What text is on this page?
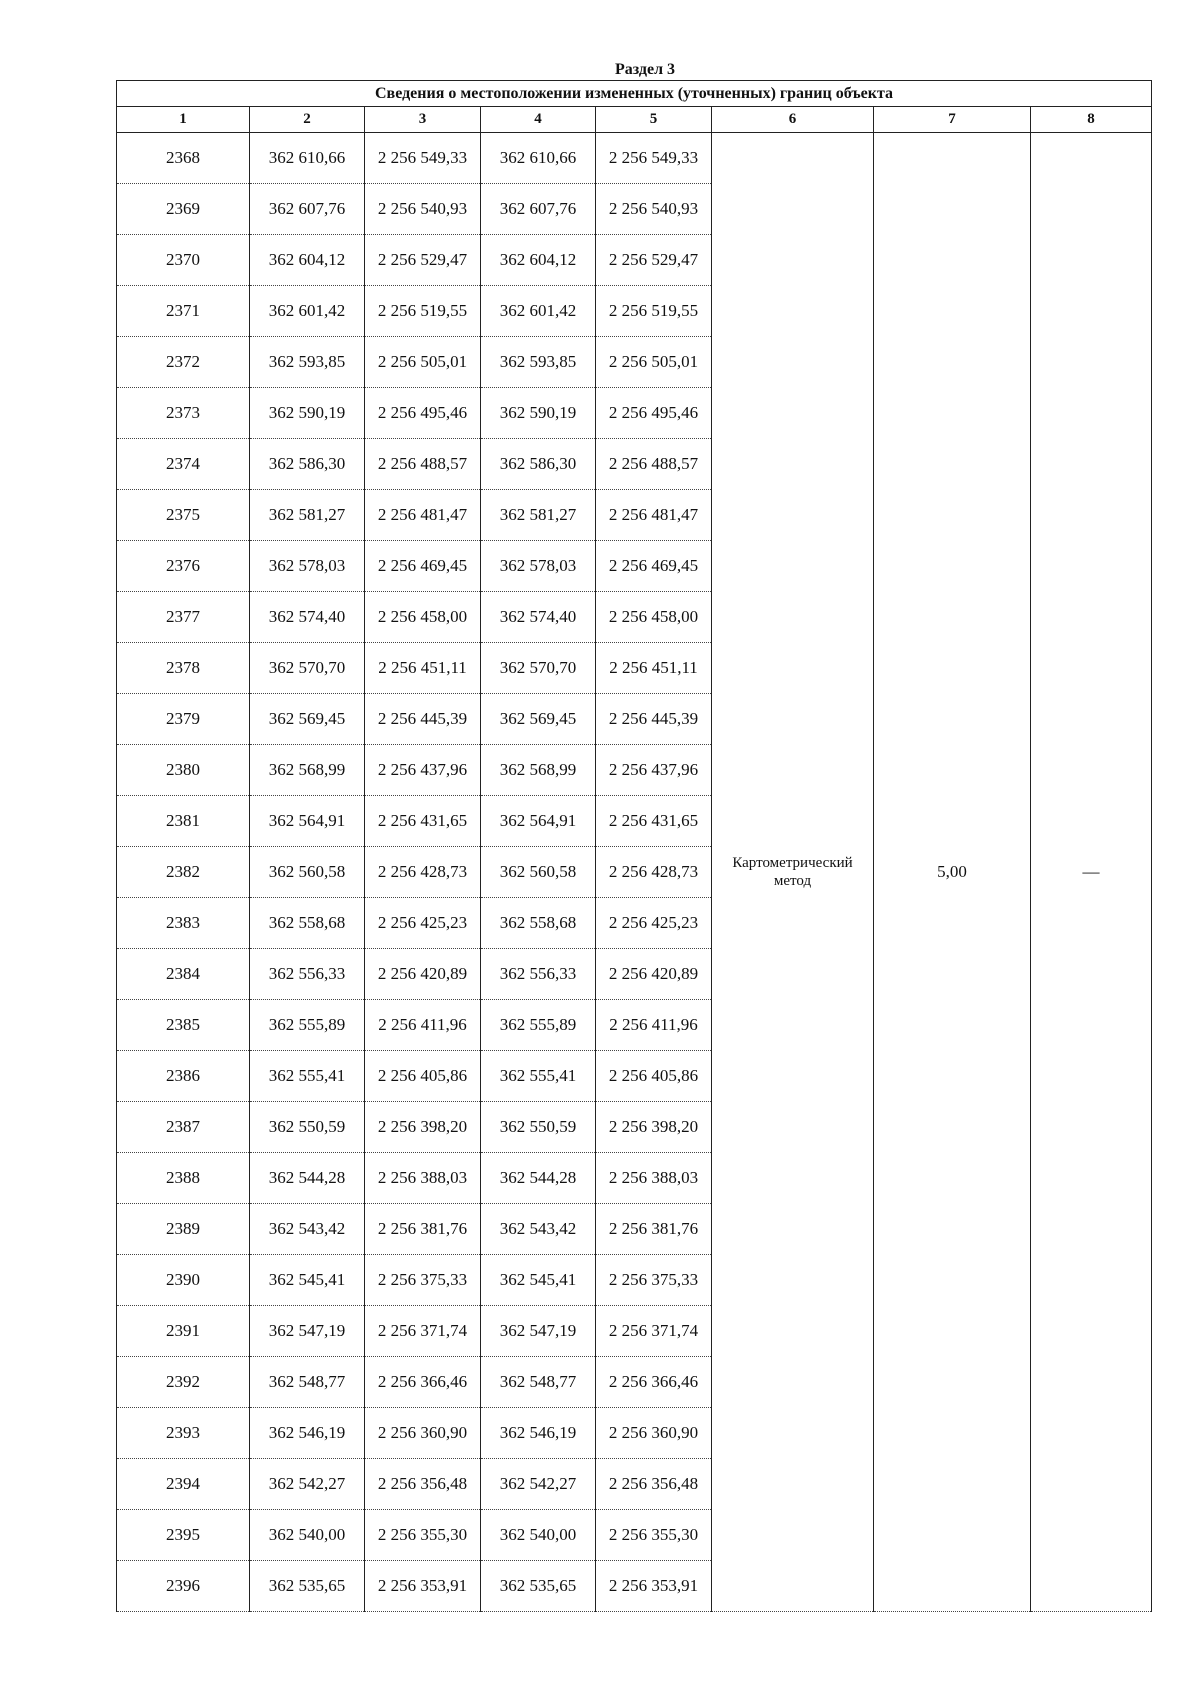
Раздел 3
Сведения о местоположении измененных (уточненных) границ объекта							
1	2	3	4	5	6	7	8
2368	362 610,66	2 256 549,33	362 610,66	2 256 549,33	Картометрический метод	5,00	—
2369	362 607,76	2 256 540,93	362 607,76	2 256 540,93			
2370	362 604,12	2 256 529,47	362 604,12	2 256 529,47			
2371	362 601,42	2 256 519,55	362 601,42	2 256 519,55			
2372	362 593,85	2 256 505,01	362 593,85	2 256 505,01			
2373	362 590,19	2 256 495,46	362 590,19	2 256 495,46			
2374	362 586,30	2 256 488,57	362 586,30	2 256 488,57			
2375	362 581,27	2 256 481,47	362 581,27	2 256 481,47			
2376	362 578,03	2 256 469,45	362 578,03	2 256 469,45			
2377	362 574,40	2 256 458,00	362 574,40	2 256 458,00			
2378	362 570,70	2 256 451,11	362 570,70	2 256 451,11			
2379	362 569,45	2 256 445,39	362 569,45	2 256 445,39			
2380	362 568,99	2 256 437,96	362 568,99	2 256 437,96			
2381	362 564,91	2 256 431,65	362 564,91	2 256 431,65			
2382	362 560,58	2 256 428,73	362 560,58	2 256 428,73			
2383	362 558,68	2 256 425,23	362 558,68	2 256 425,23			
2384	362 556,33	2 256 420,89	362 556,33	2 256 420,89			
2385	362 555,89	2 256 411,96	362 555,89	2 256 411,96			
2386	362 555,41	2 256 405,86	362 555,41	2 256 405,86			
2387	362 550,59	2 256 398,20	362 550,59	2 256 398,20			
2388	362 544,28	2 256 388,03	362 544,28	2 256 388,03			
2389	362 543,42	2 256 381,76	362 543,42	2 256 381,76			
2390	362 545,41	2 256 375,33	362 545,41	2 256 375,33			
2391	362 547,19	2 256 371,74	362 547,19	2 256 371,74			
2392	362 548,77	2 256 366,46	362 548,77	2 256 366,46			
2393	362 546,19	2 256 360,90	362 546,19	2 256 360,90			
2394	362 542,27	2 256 356,48	362 542,27	2 256 356,48			
2395	362 540,00	2 256 355,30	362 540,00	2 256 355,30			
2396	362 535,65	2 256 353,91	362 535,65	2 256 353,91			
